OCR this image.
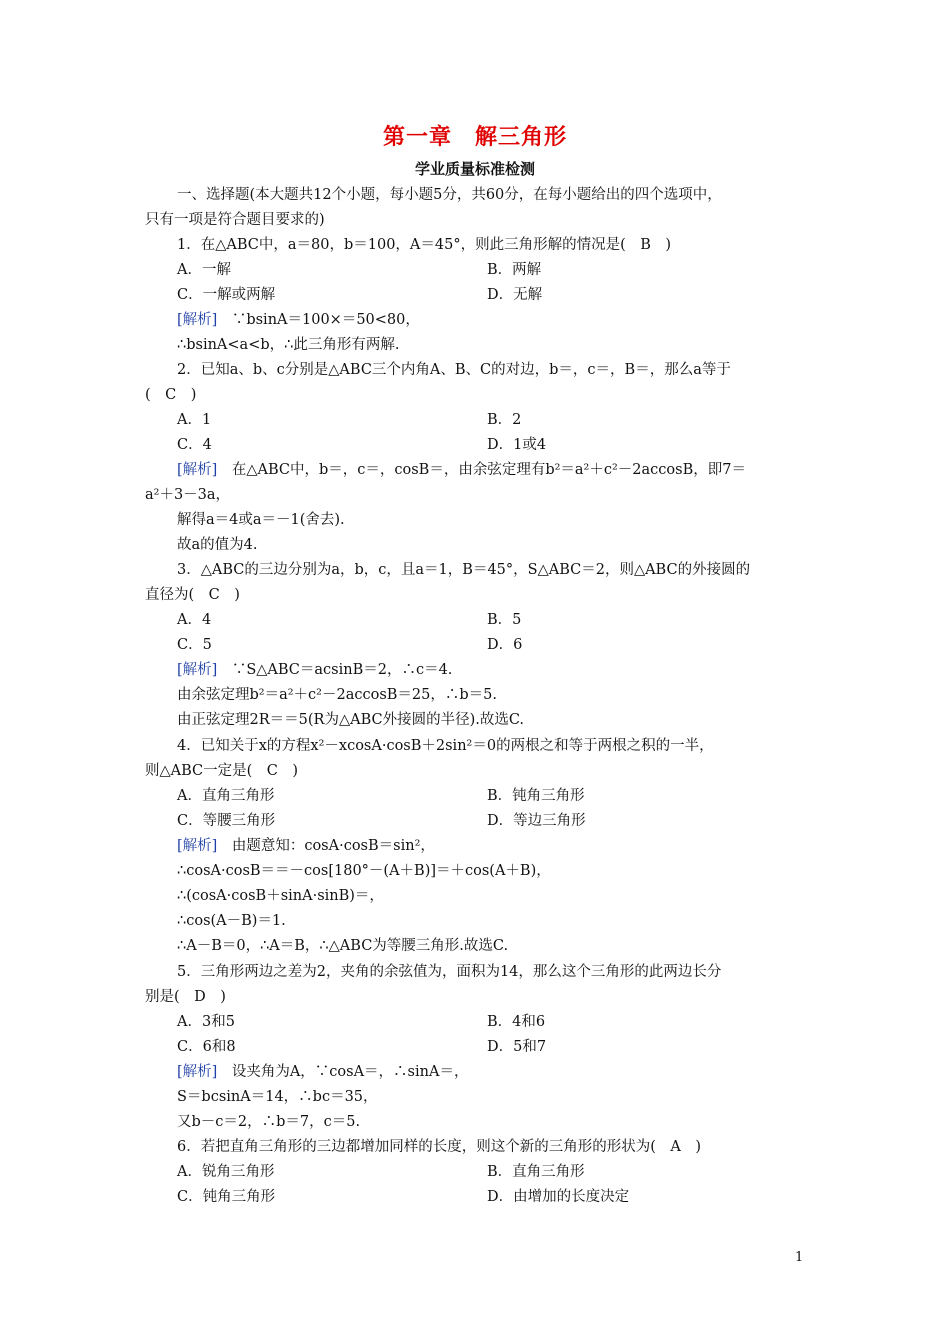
第一章　解三角形
学业质量标准检测
一、选择题(本大题共12个小题，每小题5分，共60分，在每小题给出的四个选项中，
只有一项是符合题目要求的)
1．在△ABC中，a＝80，b＝100，A＝45°，则此三角形解的情况是(　B　)
A．一解	B．两解
C．一解或两解	D．无解
[解析]　 ∵bsinA＝100×＝50<80，
∴bsinA<a<b，∴此三角形有两解.
2．已知a、b、c分别是△ABC三个内角A、B、C的对边，b＝，c＝，B＝，那么a等于
(　C　)
A．1	B．2
C．4	D．1或4
[解析]　 在△ABC中，b＝，c＝，cosB＝，由余弦定理有b²＝a²＋c²－2accosB，即7＝
a²＋3－3a，
解得a＝4或a＝－1(舍去).
故a的值为4.
3．△ABC的三边分别为a，b，c，且a＝1，B＝45°，S△ABC＝2，则△ABC的外接圆的
直径为(　C　)
A．4	B．5
C．5	D．6
[解析]　 ∵S△ABC＝acsinB＝2，∴c＝4.
由余弦定理b²＝a²＋c²－2accosB＝25，∴b＝5.
由正弦定理2R＝＝5(R为△ABC外接圆的半径).故选C.
4．已知关于x的方程x²－xcosA·cosB＋2sin²＝0的两根之和等于两根之积的一半，
则△ABC一定是(　C　)
A．直角三角形	B．钝角三角形
C．等腰三角形	D．等边三角形
[解析]　 由题意知：cosA·cosB＝sin²，
∴cosA·cosB＝＝－cos[180°－(A＋B)]＝＋cos(A＋B)，
∴(cosA·cosB＋sinA·sinB)＝，
∴cos(A－B)＝1.
∴A－B＝0，∴A＝B，∴△ABC为等腰三角形.故选C.
5．三角形两边之差为2，夹角的余弦值为，面积为14，那么这个三角形的此两边长分
别是(　D　)
A．3和5	B．4和6
C．6和8	D．5和7
[解析]　 设夹角为A，∵cosA＝，∴sinA＝，
S＝bcsinA＝14，∴bc＝35，
又b－c＝2，∴b＝7，c＝5.
6．若把直角三角形的三边都增加同样的长度，则这个新的三角形的形状为(　A　)
A．锐角三角形	B．直角三角形
C．钝角三角形	D．由增加的长度决定
1
